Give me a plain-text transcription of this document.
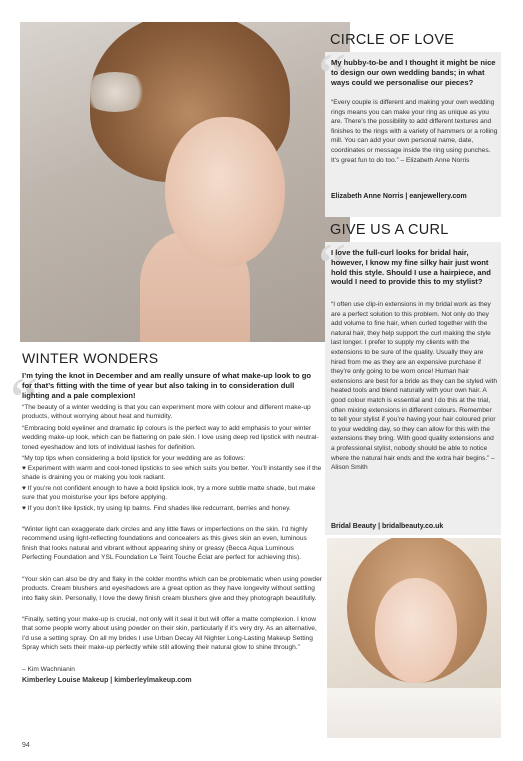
CIRCLE OF LOVE
“

My hubby-to-be and I thought it might be nice to design our own wedding bands; in what ways could we personalise our pieces?

“Every couple is different and making your own wedding rings means you can make your ring as unique as you are. There’s the possibility to add different textures and finishes to the rings with a variety of hammers or a rolling mill. You can add your own personal name, date, coordinates or message inside the ring using punches. It’s great fun to do too.” – Elizabeth Anne Norris

Elizabeth Anne Norris | eanjewellery.com

GIVE US A CURL
“

I love the full-curl looks for bridal hair, however, I know my fine silky hair just wont hold this style. Should I use a hairpiece, and would I need to provide this to my stylist?

“I often use clip-in extensions in my bridal work as they are a perfect solution to this problem. Not only do they add volume to fine hair, when curled together with the natural hair, they help support the curl making the style last longer. I prefer to supply my clients with the extensions to be sure of the quality. Usually they are hired from me as they are an expensive purchase if they’re only going to be worn once! Human hair extensions are best for a bride as they can be styled with heated tools and blend naturally with your own hair. A good colour match is essential and I do this at the trial, often mixing extensions in different colours. Remember to tell your stylist if you’re having your hair coloured prior to your wedding day, so they can allow for this with the extensions they bring. With good quality extensions and a professional stylist, nobody should be able to notice where the natural hair ends and the extra hair begins.” – Alison Smith

Bridal Beauty | bridalbeauty.co.uk

WINTER WONDERS
“

I’m tying the knot in December and am really unsure of what make-up look to go for that’s fitting with the time of year but also taking in to consideration dull lighting and a pale complexion!

“The beauty of a winter wedding is that you can experiment more with colour and different make-up products, without worrying about heat and humidity.

“Embracing bold eyeliner and dramatic lip colours is the perfect way to add emphasis to your winter wedding make-up look, which can be flattering on pale skin. I love using deep red lipstick with neutral-toned eyeshadow and lots of individual lashes for definition.

“My top tips when considering a bold lipstick for your wedding are as follows:

♥ Experiment with warm and cool-toned lipsticks to see which suits you better. You’ll instantly see if the shade is draining you or making you look radiant.

♥ If you’re not confident enough to have a bold lipstick look, try a more subtle matte shade, but make sure that you moisturise your lips before applying.

♥ If you don’t like lipstick, try using lip balms. Find shades like redcurrant, berries and honey.

“Winter light can exaggerate dark circles and any little flaws or imperfections on the skin. I’d highly recommend using light-reflecting foundations and concealers as this gives skin an even, luminous finish that looks natural and vibrant without appearing shiny or greasy (Becca Aqua Luminous Perfecting Foundation and YSL Foundation Le Teint Touche Éclat are perfect for achieving this).

“Your skin can also be dry and flaky in the colder months which can be problematic when using powder products. Cream blushers and eyeshadows are a great option as they have longevity without settling into flaky skin. Personally, I love the dewy finish cream blushers give and they photograph beautifully.

“Finally, setting your make-up is crucial, not only will it seal it but will offer a matte complexion. I know that some people worry about using powder on their skin, particularly if it’s very dry. As an alternative, I’d use a setting spray. On all my brides I use Urban Decay All Nighter Long-Lasting Makeup Setting Spray which sets their make-up perfectly while still allowing their natural glow to shine through.”

– Kim Wachnianin

Kimberley Louise Makeup | kimberleylmakeup.com

94
